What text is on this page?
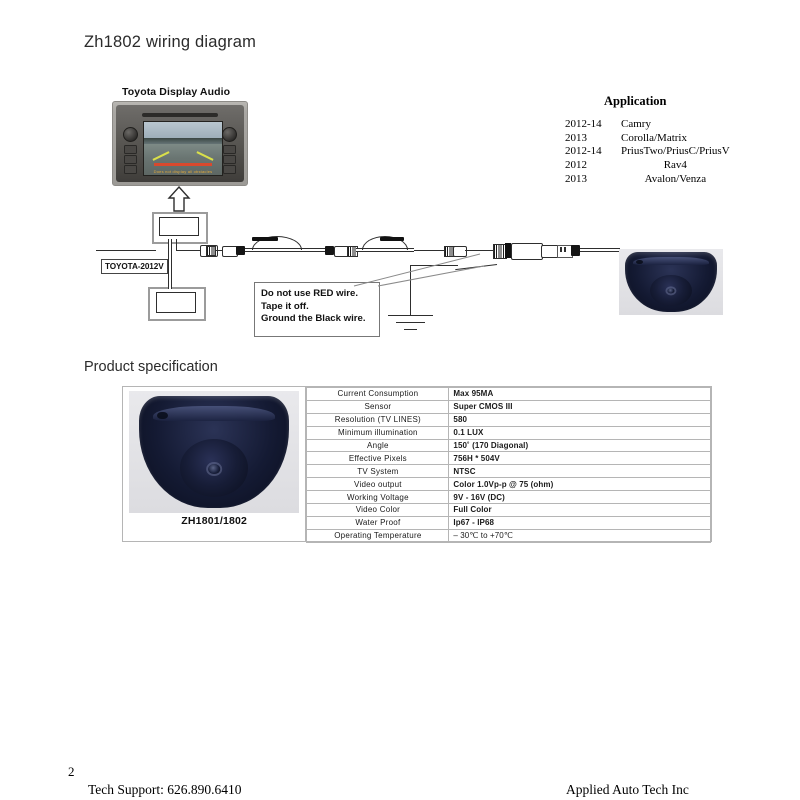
Zh1802 wiring diagram
Toyota Display Audio
Does not display all obstacles
Application
2012-14	Camry
2013	Corolla/Matrix
2012-14	PriusTwo/PriusC/PriusV
2012	Rav4
2013	Avalon/Venza
TOYOTA-2012V
Do not use RED wire.
Tape it off.
Ground the Black wire.
Product specification
ZH1801/1802
Current Consumption	Max 95MA
Sensor	Super CMOS III
Resolution (TV LINES)	580
Minimum illumination	0.1 LUX
Angle	150˚ (170 Diagonal)
Effective Pixels	756H * 504V
TV System	NTSC
Video output	Color 1.0Vp-p @ 75 (ohm)
Working Voltage	9V - 16V (DC)
Video Color	Full Color
Water Proof	Ip67 - IP68
Operating Temperature	– 30℃ to +70℃
2
Tech Support: 626.890.6410	Applied Auto Tech Inc
